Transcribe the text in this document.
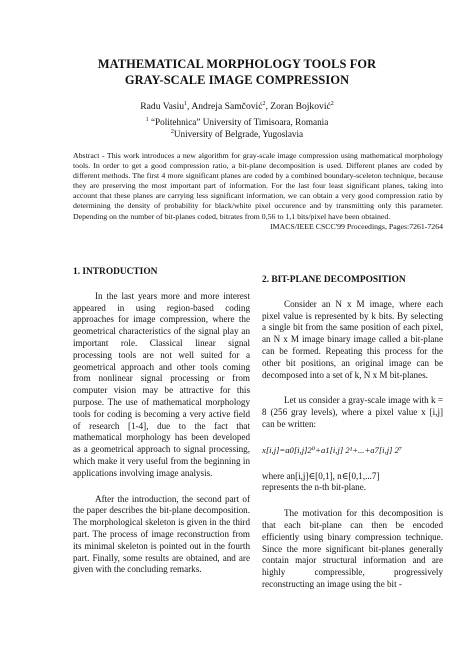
MATHEMATICAL MORPHOLOGY TOOLS FOR
GRAY-SCALE IMAGE COMPRESSION
Radu Vasiu$^1$, Andreja Samčović$^2$, Zoran Bojković$^2$
$^1$ “Politehnica” University of Timisoara, Romania
$^2$University of Belgrade, Yugoslavia
Abstract - This work introduces a new algorithm for gray-scale image compression using mathematical morphology tools. In order to get a good compression ratio, a bit-plane decomposition is used. Different planes are coded by different methods. The first 4 more significant planes are coded by a combined boundary-sceleton technique, because they are preserving the most important part of information. For the last four least significant planes, taking into account that these planes are carrying less significant information, we can obtain a very good compression ratio by determining the density of probability for black/white pixel occurence and by transmitting only this parameter. Depending on the number of bit-planes coded, bitrates from 0,56 to 1,1 bits/pixel have been obtained.
IMACS/IEEE CSCC'99 Proceedings, Pages:7261-7264
1. INTRODUCTION

In the last years more and more interest appeared in using region-based coding approaches for image compression, where the geometrical characteristics of the signal play an important role. Classical linear signal processing tools are not well suited for a geometrical approach and other tools coming from nonlinear signal processing or from computer vision may be attractive for this purpose. The use of mathematical morphology tools for coding is becoming a very active field of research [1-4], due to the fact that mathematical morphology has been developed as a geometrical approach to signal processing, which make it very useful from the beginning in applications involving image analysis.

After the introduction, the second part of the paper describes the bit-plane decomposition. The morphological skeleton is given in the third part. The process of image reconstruction from its minimal skeleton is pointed out in the fourth part. Finally, some results are obtained, and are given with the concluding remarks.

2. BIT-PLANE DECOMPOSITION

Consider an N x M image, where each pixel value is represented by k bits. By selecting a single bit from the same position of each pixel, an N x M image binary image called a bit-plane can be formed. Repeating this process for the other bit positions, an original image can be decomposed into a set of k, N x M bit-planes.

Let us consider a gray-scale image with k = 8 (256 gray levels), where a pixel value x [i,j] can be written:

x[i,j]=a0[i,j]2⁰+a1[i,j] 2¹+...+a7[i,j] 2⁷

where an[i,j]∈[0,1], n∈[0,1,...7]

represents the n-th bit-plane.

The motivation for this decomposition is that each bit-plane can then be encoded efficiently using binary compression technique. Since the more significant bit-planes generally contain major structural information and are highly compressible, progressively reconstructing an image using the bit -
